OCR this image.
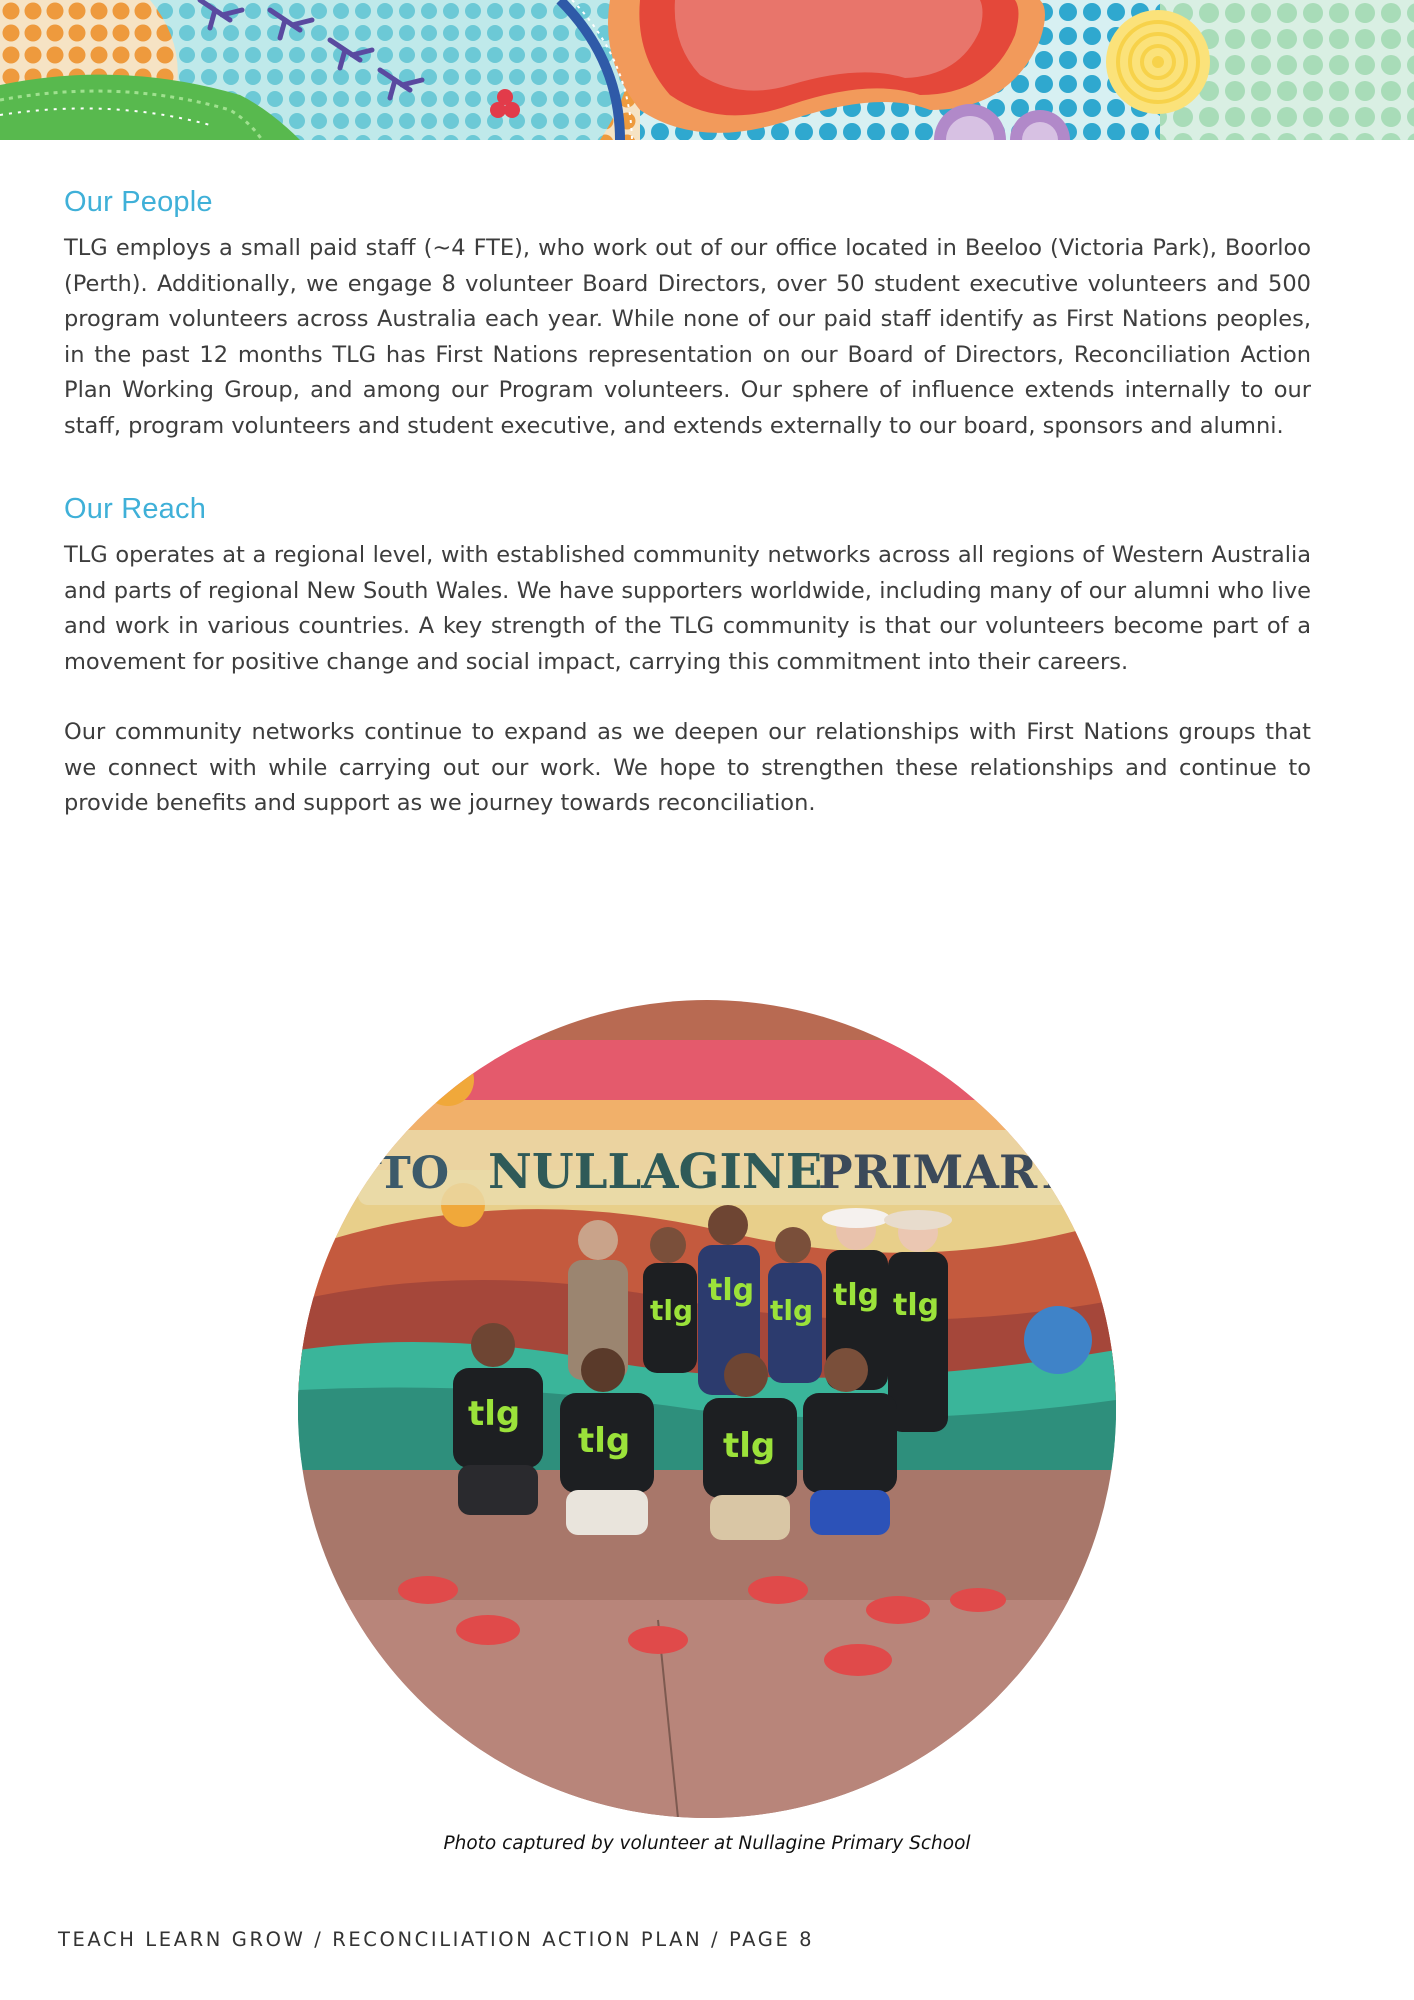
Our People

TLG employs a small paid staff (~4 FTE), who work out of our office located in Beeloo (Victoria Park), Boorloo (Perth). Additionally, we engage 8 volunteer Board Directors, over 50 student executive volunteers and 500 program volunteers across Australia each year. While none of our paid staff identify as First Nations peoples, in the past 12 months TLG has First Nations representation on our Board of Directors, Reconciliation Action Plan Working Group, and among our Program volunteers. Our sphere of influence extends internally to our staff, program volunteers and student executive, and extends externally to our board, sponsors and alumni.

Our Reach

TLG operates at a regional level, with established community networks across all regions of Western Australia and parts of regional New South Wales. We have supporters worldwide, including many of our alumni who live and work in various countries. A key strength of the TLG community is that our volunteers become part of a movement for positive change and social impact, carrying this commitment into their careers.

Our community networks continue to expand as we deepen our relationships with First Nations groups that we connect with while carrying out our work. We hope to strengthen these relationships and continue to provide benefits and support as we journey towards reconciliation.

TO NULLAGINE
PRIMARY
tlg
tlg
tlg tlg tlg
tlg
tlg	tlg
Photo captured by volunteer at Nullagine Primary School
TEACH LEARN GROW / RECONCILIATION ACTION PLAN / PAGE 8
